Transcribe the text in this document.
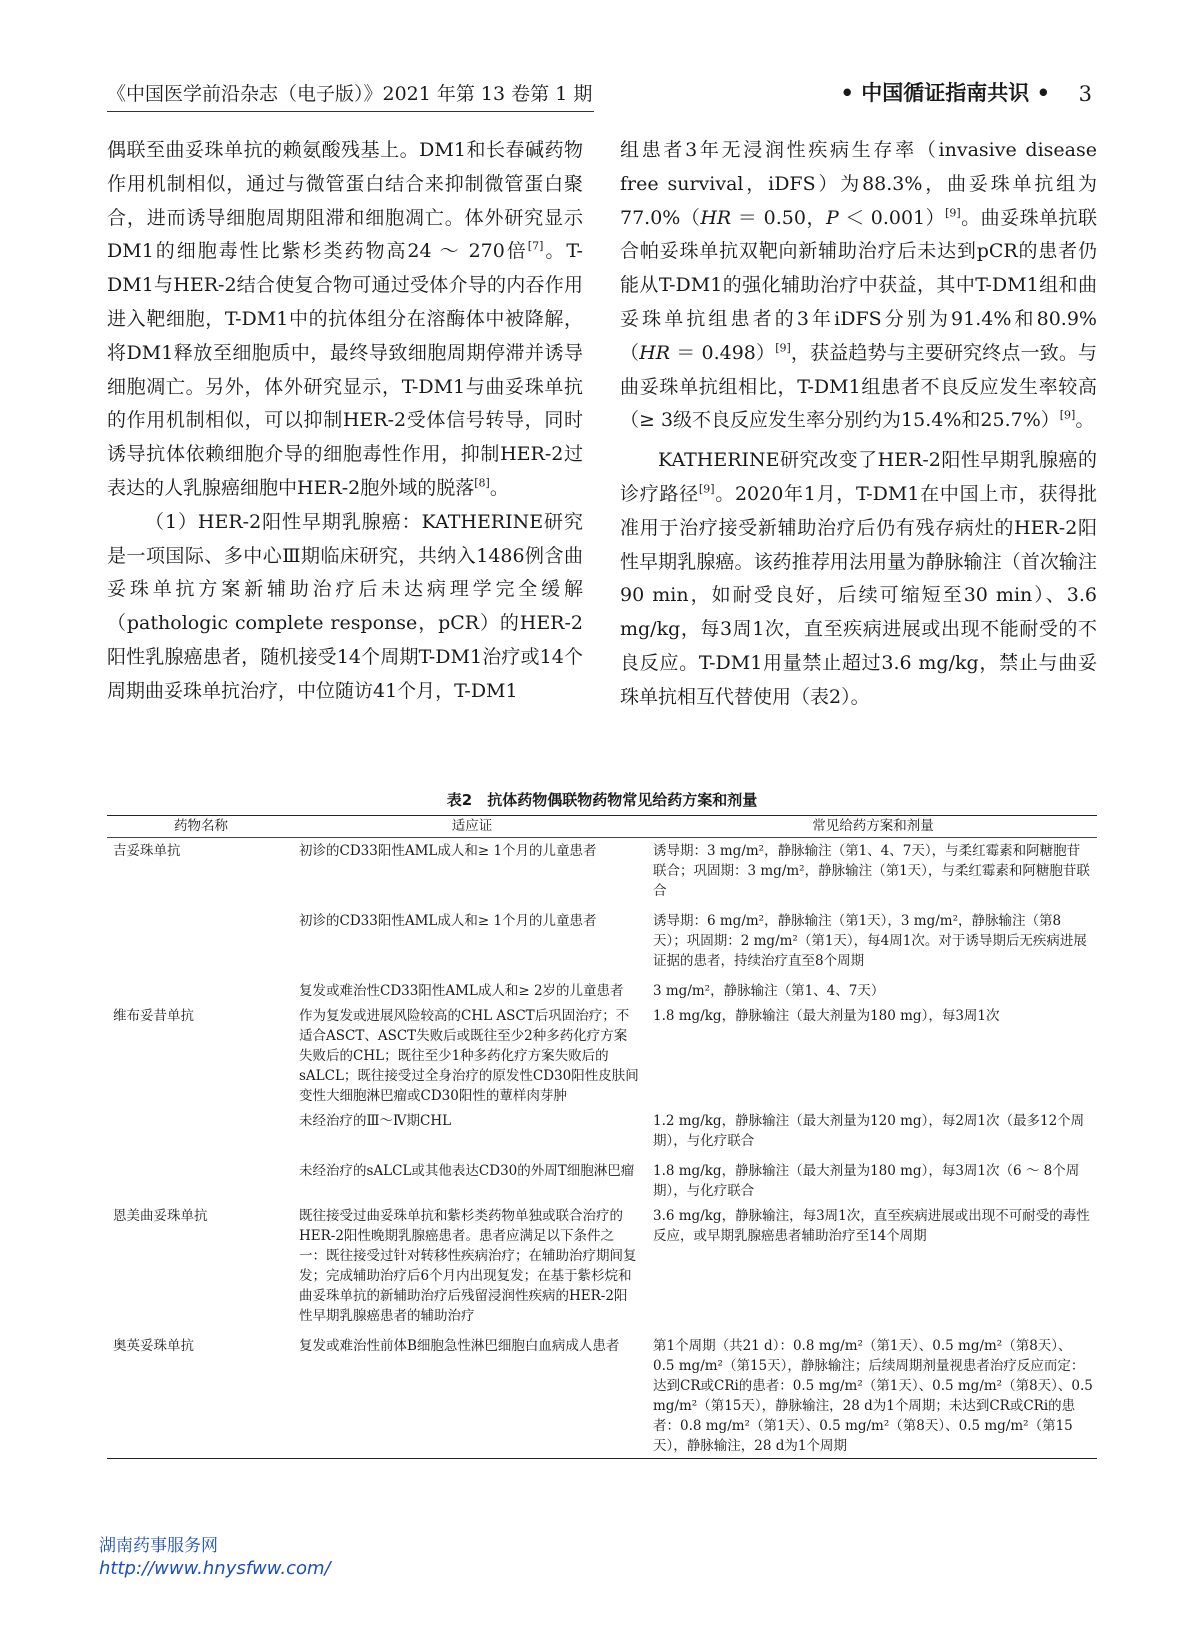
《中国医学前沿杂志（电子版）》2021 年第 13 卷第 1 期	• 中国循证指南共识 • 3

偶联至曲妥珠单抗的赖氨酸残基上。DM1和长春碱药物作用机制相似，通过与微管蛋白结合来抑制微管蛋白聚合，进而诱导细胞周期阻滞和细胞凋亡。体外研究显示DM1的细胞毒性比紫杉类药物高24 ～ 270倍[7]。T-DM1与HER-2结合使复合物可通过受体介导的内吞作用进入靶细胞，T-DM1中的抗体组分在溶酶体中被降解，将DM1释放至细胞质中，最终导致细胞周期停滞并诱导细胞凋亡。另外，体外研究显示，T-DM1与曲妥珠单抗的作用机制相似，可以抑制HER-2受体信号转导，同时诱导抗体依赖细胞介导的细胞毒性作用，抑制HER-2过表达的人乳腺癌细胞中HER-2胞外域的脱落[8]。

（1）HER-2阳性早期乳腺癌：KATHERINE研究是一项国际、多中心Ⅲ期临床研究，共纳入1486例含曲妥珠单抗方案新辅助治疗后未达病理学完全缓解（pathologic complete response，pCR）的HER-2阳性乳腺癌患者，随机接受14个周期T-DM1治疗或14个周期曲妥珠单抗治疗，中位随访41个月，T-DM1

组患者3年无浸润性疾病生存率（invasive disease free survival，iDFS）为88.3%，曲妥珠单抗组为77.0%（HR ＝ 0.50，P ＜ 0.001）[9]。曲妥珠单抗联合帕妥珠单抗双靶向新辅助治疗后未达到pCR的患者仍能从T-DM1的强化辅助治疗中获益，其中T-DM1组和曲妥珠单抗组患者的3年iDFS分别为91.4%和80.9%（HR ＝ 0.498）[9]，获益趋势与主要研究终点一致。与曲妥珠单抗组相比，T-DM1组患者不良反应发生率较高（≥ 3级不良反应发生率分别约为15.4%和25.7%）[9]。

KATHERINE研究改变了HER-2阳性早期乳腺癌的诊疗路径[9]。2020年1月，T-DM1在中国上市，获得批准用于治疗接受新辅助治疗后仍有残存病灶的HER-2阳性早期乳腺癌。该药推荐用法用量为静脉输注（首次输注90 min，如耐受良好，后续可缩短至30 min）、3.6 mg/kg，每3周1次，直至疾病进展或出现不能耐受的不良反应。T-DM1用量禁止超过3.6 mg/kg，禁止与曲妥珠单抗相互代替使用（表2）。

表2　抗体药物偶联物药物常见给药方案和剂量
药物名称	适应证	常见给药方案和剂量
吉妥珠单抗	初诊的CD33阳性AML成人和≥ 1个月的儿童患者	诱导期：3 mg/m²，静脉输注（第1、4、7天），与柔红霉素和阿糖胞苷联合；巩固期：3 mg/m²，静脉输注（第1天），与柔红霉素和阿糖胞苷联合
	初诊的CD33阳性AML成人和≥ 1个月的儿童患者	诱导期：6 mg/m²，静脉输注（第1天），3 mg/m²，静脉输注（第8天）；巩固期：2 mg/m²（第1天），每4周1次。对于诱导期后无疾病进展证据的患者，持续治疗直至8个周期
	复发或难治性CD33阳性AML成人和≥ 2岁的儿童患者	3 mg/m²，静脉输注（第1、4、7天）
维布妥昔单抗	作为复发或进展风险较高的CHL ASCT后巩固治疗；不适合ASCT、ASCT失败后或既往至少2种多药化疗方案失败后的CHL；既往至少1种多药化疗方案失败后的sALCL；既往接受过全身治疗的原发性CD30阳性皮肤间变性大细胞淋巴瘤或CD30阳性的蕈样肉芽肿	1.8 mg/kg，静脉输注（最大剂量为180 mg），每3周1次
	未经治疗的Ⅲ～Ⅳ期CHL	1.2 mg/kg，静脉输注（最大剂量为120 mg），每2周1次（最多12个周期），与化疗联合
	未经治疗的sALCL或其他表达CD30的外周T细胞淋巴瘤	1.8 mg/kg，静脉输注（最大剂量为180 mg），每3周1次（6 ～ 8个周期），与化疗联合
恩美曲妥珠单抗	既往接受过曲妥珠单抗和紫杉类药物单独或联合治疗的HER-2阳性晚期乳腺癌患者。患者应满足以下条件之一：既往接受过针对转移性疾病治疗；在辅助治疗期间复发；完成辅助治疗后6个月内出现复发；在基于紫杉烷和曲妥珠单抗的新辅助治疗后残留浸润性疾病的HER-2阳性早期乳腺癌患者的辅助治疗	3.6 mg/kg，静脉输注，每3周1次，直至疾病进展或出现不可耐受的毒性反应，或早期乳腺癌患者辅助治疗至14个周期
奥英妥珠单抗	复发或难治性前体B细胞急性淋巴细胞白血病成人患者	第1个周期（共21 d）：0.8 mg/m²（第1天）、0.5 mg/m²（第8天）、0.5 mg/m²（第15天），静脉输注；后续周期剂量视患者治疗反应而定：达到CR或CRi的患者：0.5 mg/m²（第1天）、0.5 mg/m²（第8天）、0.5 mg/m²（第15天），静脉输注，28 d为1个周期；未达到CR或CRi的患者：0.8 mg/m²（第1天）、0.5 mg/m²（第8天）、0.5 mg/m²（第15天），静脉输注，28 d为1个周期
湖南药事服务网
http://www.hnysfww.com/
